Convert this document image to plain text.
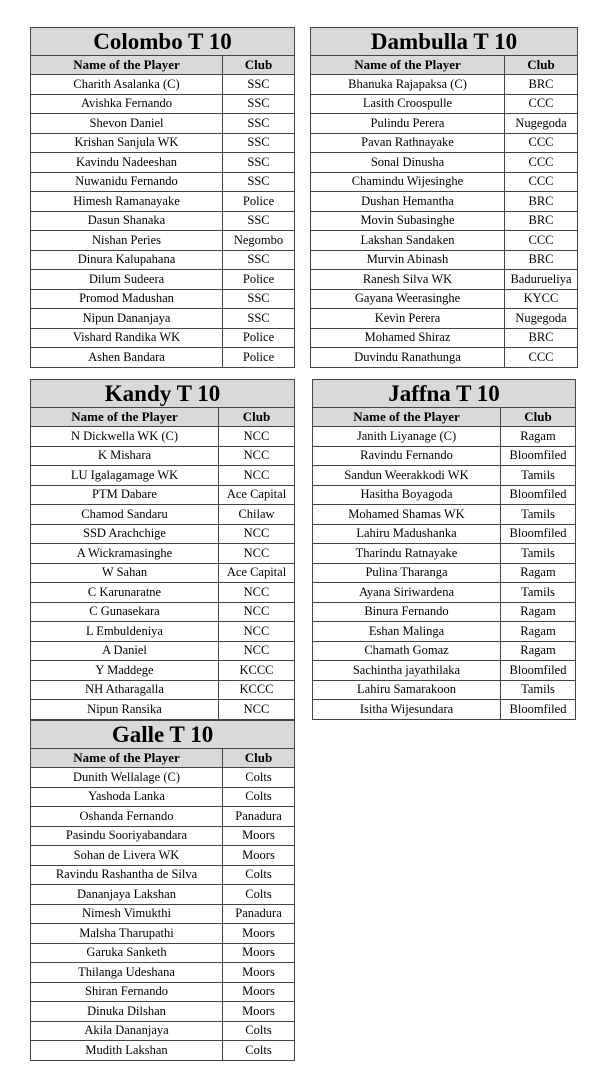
Colombo T 10	
Name of the Player	Club
Charith Asalanka (C)	SSC
Avishka Fernando	SSC
Shevon Daniel	SSC
Krishan Sanjula WK	SSC
Kavindu Nadeeshan	SSC
Nuwanidu Fernando	SSC
Himesh Ramanayake	Police
Dasun Shanaka	SSC
Nishan Peries	Negombo
Dinura Kalupahana	SSC
Dilum Sudeera	Police
Promod Madushan	SSC
Nipun Dananjaya	SSC
Vishard Randika WK	Police
Ashen Bandara	Police
Dambulla T 10	
Name of the Player	Club
Bhanuka Rajapaksa (C)	BRC
Lasith Croospulle	CCC
Pulindu Perera	Nugegoda
Pavan Rathnayake	CCC
Sonal Dinusha	CCC
Chamindu Wijesinghe	CCC
Dushan Hemantha	BRC
Movin Subasinghe	BRC
Lakshan Sandaken	CCC
Murvin Abinash	BRC
Ranesh Silva WK	Badurueliya
Gayana Weerasinghe	KYCC
Kevin Perera	Nugegoda
Mohamed Shiraz	BRC
Duvindu Ranathunga	CCC
Kandy T 10	
Name of the Player	Club
N Dickwella WK (C)	NCC
K Mishara	NCC
LU Igalagamage WK	NCC
PTM Dabare	Ace Capital
Chamod Sandaru	Chilaw
SSD Arachchige	NCC
A Wickramasinghe	NCC
W Sahan	Ace Capital
C Karunaratne	NCC
C Gunasekara	NCC
L Embuldeniya	NCC
A Daniel	NCC
Y Maddege	KCCC
NH Atharagalla	KCCC
Nipun Ransika	NCC
Jaffna T 10	
Name of the Player	Club
Janith Liyanage (C)	Ragam
Ravindu Fernando	Bloomfiled
Sandun Weerakkodi WK	Tamils
Hasitha Boyagoda	Bloomfiled
Mohamed Shamas WK	Tamils
Lahiru Madushanka	Bloomfiled
Tharindu Ratnayake	Tamils
Pulina Tharanga	Ragam
Ayana Siriwardena	Tamils
Binura Fernando	Ragam
Eshan Malinga	Ragam
Chamath Gomaz	Ragam
Sachintha jayathilaka	Bloomfiled
Lahiru Samarakoon	Tamils
Isitha Wijesundara	Bloomfiled
Galle T 10	
Name of the Player	Club
Dunith Wellalage (C)	Colts
Yashoda Lanka	Colts
Oshanda Fernando	Panadura
Pasindu Sooriyabandara	Moors
Sohan de Livera WK	Moors
Ravindu Rashantha de Silva	Colts
Dananjaya Lakshan	Colts
Nimesh Vimukthi	Panadura
Malsha Tharupathi	Moors
Garuka Sanketh	Moors
Thilanga Udeshana	Moors
Shiran Fernando	Moors
Dinuka Dilshan	Moors
Akila Dananjaya	Colts
Mudith Lakshan	Colts
